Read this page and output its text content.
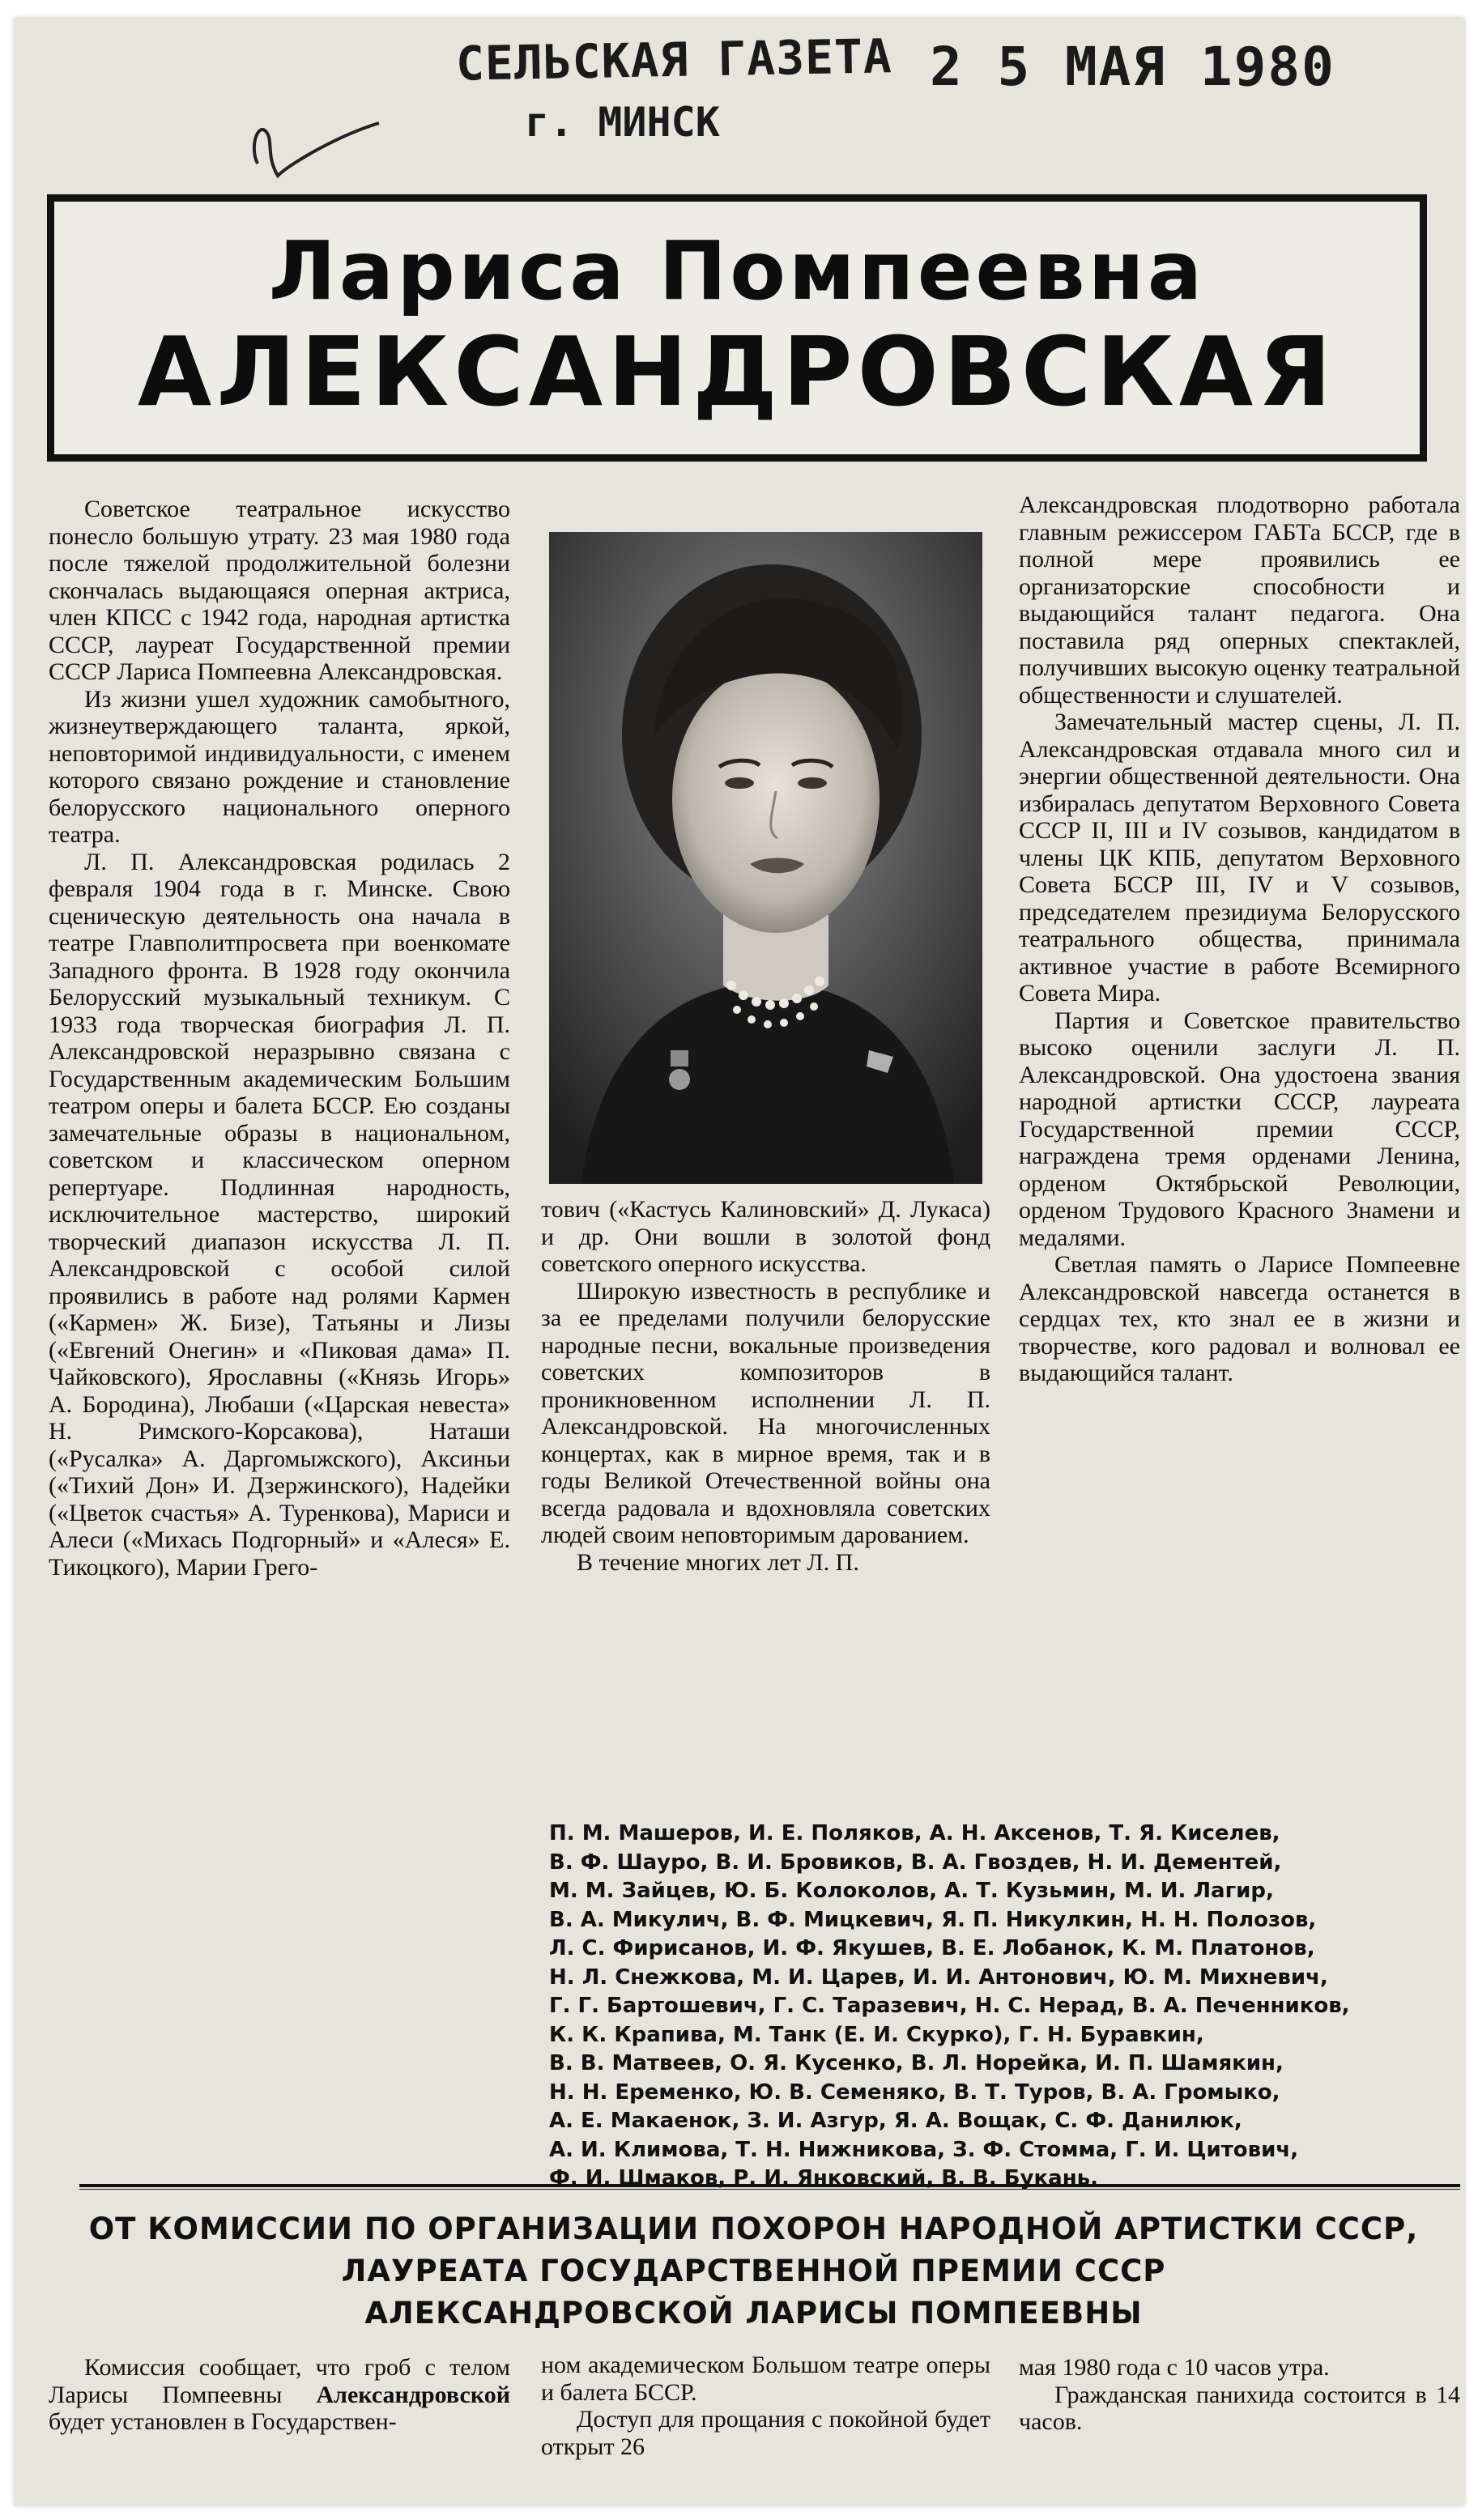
СЕЛЬСКАЯ ГАЗЕТА
г. МИНСК
2 5 МАЯ 1980
Лариса Помпеевна
АЛЕКСАНДРОВСКАЯ

Советское театральное искусство понесло большую утрату. 23 мая 1980 года после тяжелой продолжительной болезни скончалась выдающаяся оперная актриса, член КПСС с 1942 года, народная артистка СССР, лауреат Государственной премии СССР Лариса Помпеевна Александровская.

Из жизни ушел художник самобытного, жизнеутверждающего таланта, яркой, неповторимой индивидуальности, с именем которого связано рождение и становление белорусского национального оперного театра.

Л. П. Александровская родилась 2 февраля 1904 года в г. Минске. Свою сценическую деятельность она начала в театре Главполитпросвета при военкомате Западного фронта. В 1928 году окончила Белорусский музыкальный техникум. С 1933 года творческая биография Л. П. Александровской неразрывно связана с Государственным академическим Большим театром оперы и балета БССР. Ею созданы замечательные образы в национальном, советском и классическом оперном репертуаре. Подлинная народность, исключительное мастерство, широкий творческий диапазон искусства Л. П. Александровской с особой силой проявились в работе над ролями Кармен («Кармен» Ж. Бизе), Татьяны и Лизы («Евгений Онегин» и «Пиковая дама» П. Чайковского), Ярославны («Князь Игорь» А. Бородина), Любаши («Царская невеста» Н. Римского-Корсакова), Наташи («Русалка» А. Даргомыжского), Аксиньи («Тихий Дон» И. Дзержинского), Надейки («Цветок счастья» А. Туренкова), Мариси и Алеси («Михась Подгорный» и «Алеся» Е. Тикоцкого), Марии Грего-

тович («Кастусь Калиновский» Д. Лукаса) и др. Они вошли в золотой фонд советского оперного искусства.

Широкую известность в республике и за ее пределами получили белорусские народные песни, вокальные произведения советских композиторов в проникновенном исполнении Л. П. Александровской. На многочисленных концертах, как в мирное время, так и в годы Великой Отечественной войны она всегда радовала и вдохновляла советских людей своим неповторимым дарованием.

В течение многих лет Л. П.

Александровская плодотворно работала главным режиссером ГАБТа БССР, где в полной мере проявились ее организаторские способности и выдающийся талант педагога. Она поставила ряд оперных спектаклей, получивших высокую оценку театральной общественности и слушателей.

Замечательный мастер сцены, Л. П. Александровская отдавала много сил и энергии общественной деятельности. Она избиралась депутатом Верховного Совета СССР II, III и IV созывов, кандидатом в члены ЦК КПБ, депутатом Верховного Совета БССР III, IV и V созывов, председателем президиума Белорусского театрального общества, принимала активное участие в работе Всемирного Совета Мира.

Партия и Советское правительство высоко оценили заслуги Л. П. Александровской. Она удостоена звания народной артистки СССР, лауреата Государственной премии СССР, награждена тремя орденами Ленина, орденом Октябрьской Революции, орденом Трудового Красного Знамени и медалями.

Светлая память о Ларисе Помпеевне Александровской навсегда останется в сердцах тех, кто знал ее в жизни и творчестве, кого радовал и волновал ее выдающийся талант.

П. М. Машеров, И. Е. Поляков, А. Н. Аксенов, Т. Я. Киселев,
В. Ф. Шауро, В. И. Бровиков, В. А. Гвоздев, Н. И. Дементей,
М. М. Зайцев, Ю. Б. Колоколов, А. Т. Кузьмин, М. И. Лагир,
В. А. Микулич, В. Ф. Мицкевич, Я. П. Никулкин, Н. Н. Полозов,
Л. С. Фирисанов, И. Ф. Якушев, В. Е. Лобанок, К. М. Платонов,
Н. Л. Снежкова, М. И. Царев, И. И. Антонович, Ю. М. Михневич,
Г. Г. Бартошевич, Г. С. Таразевич, Н. С. Нерад, В. А. Печенников,
К. К. Крапива, М. Танк (Е. И. Скурко), Г. Н. Буравкин,
В. В. Матвеев, О. Я. Кусенко, В. Л. Норейка, И. П. Шамякин,
Н. Н. Еременко, Ю. В. Семеняко, В. Т. Туров, В. А. Громыко,
А. Е. Макаенок, З. И. Азгур, Я. А. Вощак, С. Ф. Данилюк,
А. И. Климова, Т. Н. Нижникова, З. Ф. Стомма, Г. И. Цитович,
Ф. И. Шмаков, Р. И. Янковский, В. В. Букань.
ОТ КОМИССИИ ПО ОРГАНИЗАЦИИ ПОХОРОН НАРОДНОЙ АРТИСТКИ СССР,
ЛАУРЕАТА ГОСУДАРСТВЕННОЙ ПРЕМИИ СССР
АЛЕКСАНДРОВСКОЙ ЛАРИСЫ ПОМПЕЕВНЫ

Комиссия сообщает, что гроб с телом Ларисы Помпеевны Александровской будет установлен в Государствен-

ном академическом Большом театре оперы и балета БССР.

Доступ для прощания с покойной будет открыт 26

мая 1980 года с 10 часов утра.

Гражданская панихида состоится в 14 часов.
